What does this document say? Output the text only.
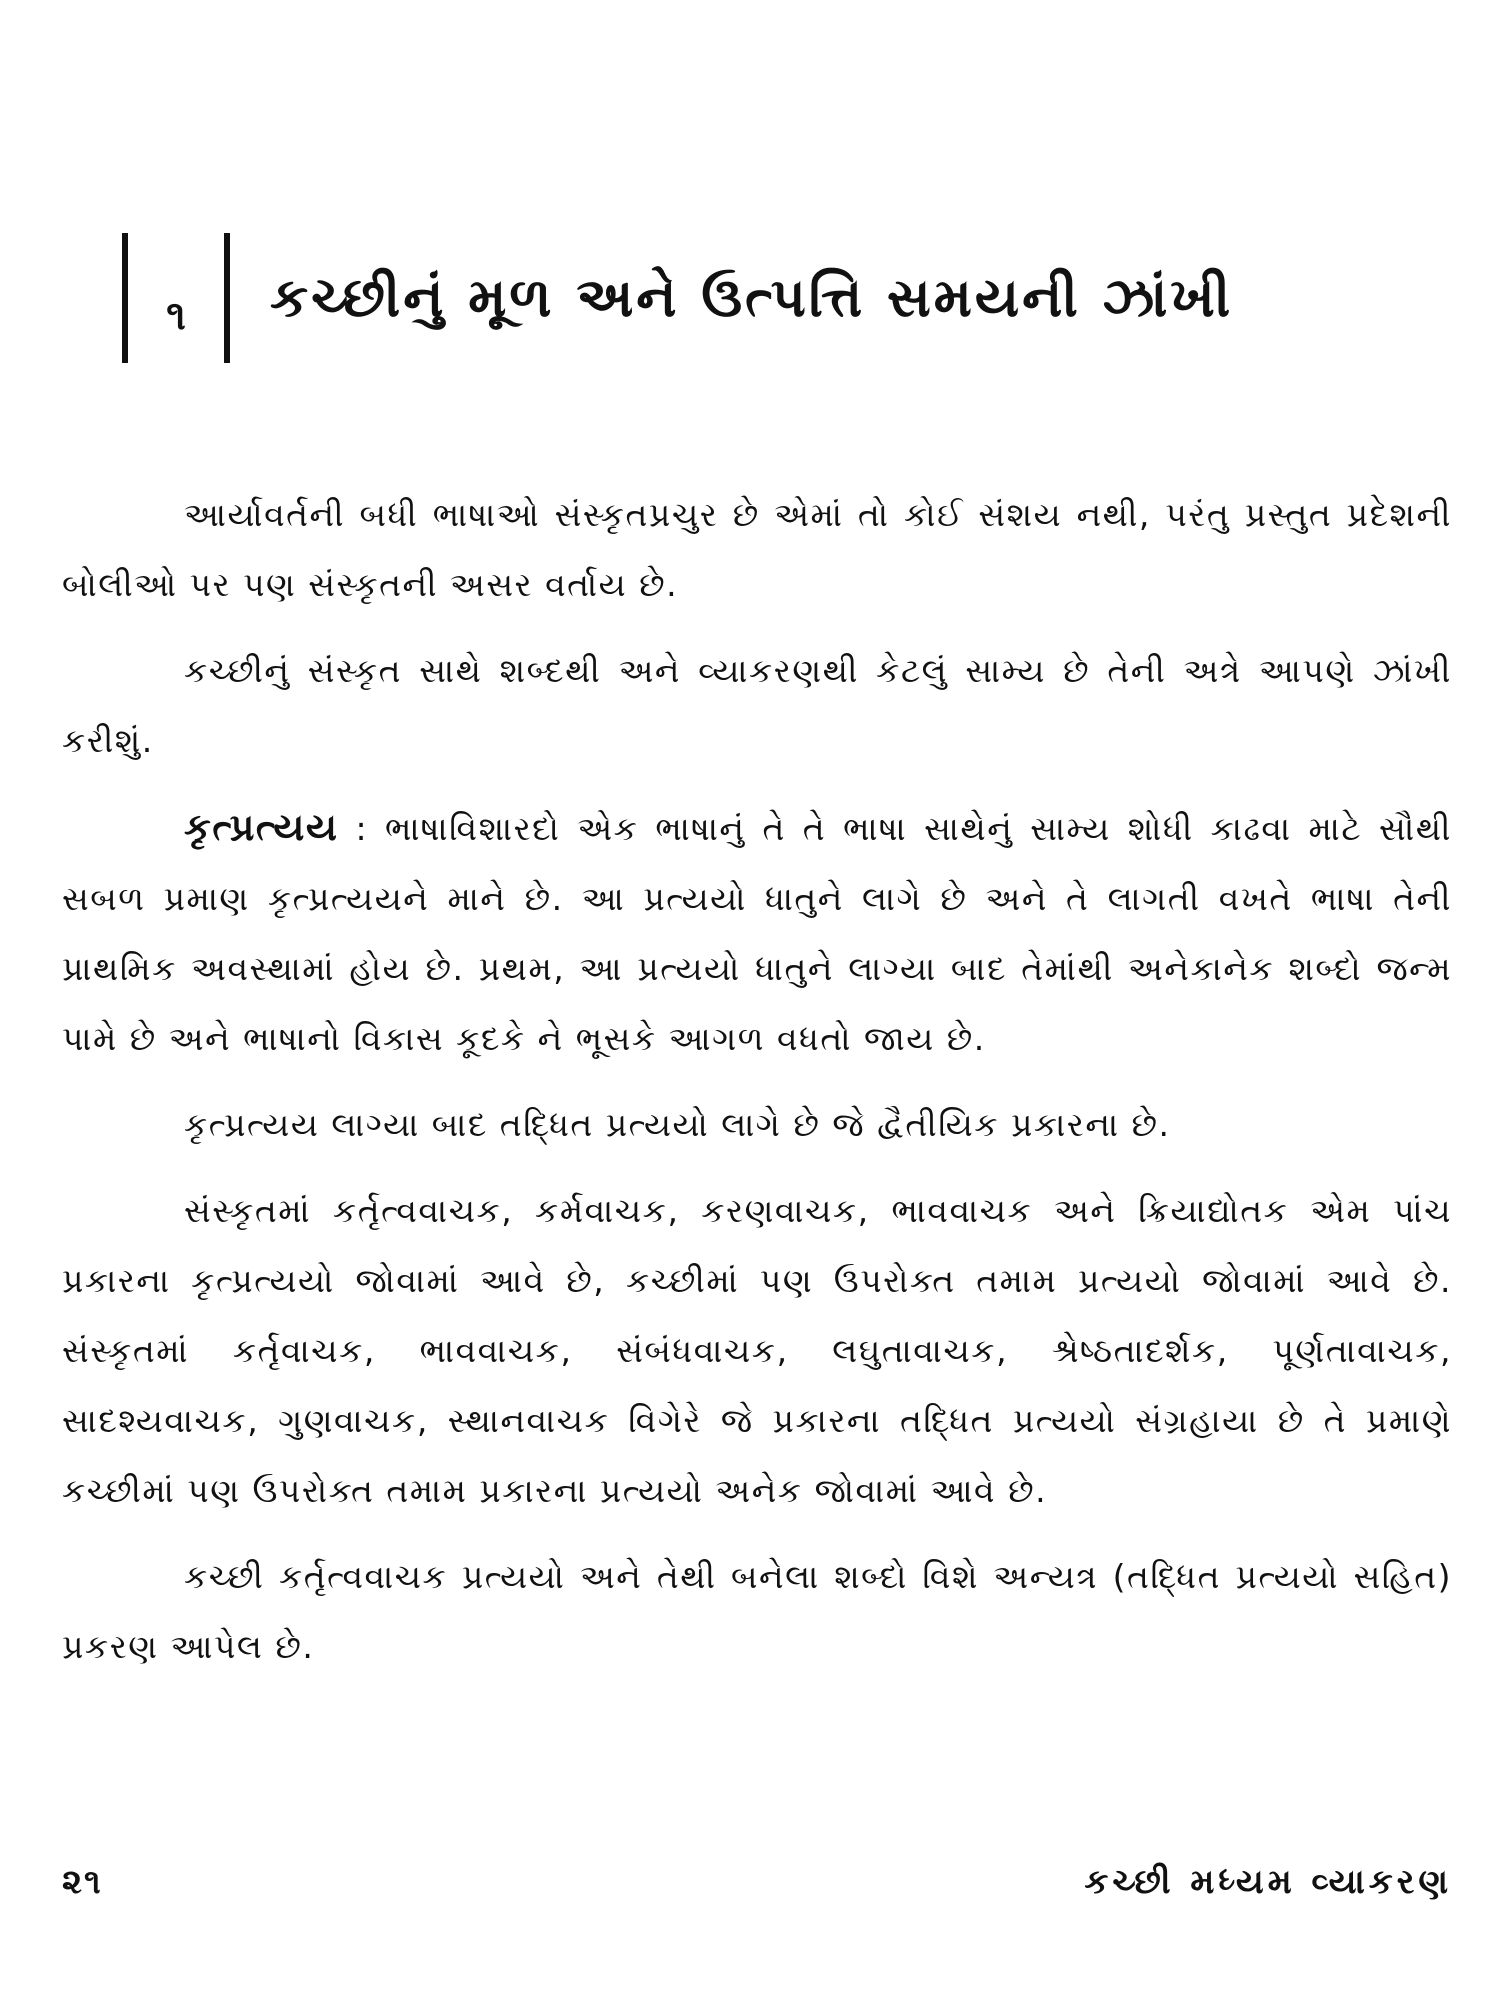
૧	કચ્છીનું મૂળ અને ઉત્પત્તિ સમયની ઝાંખી

આર્યાવર્તની બધી ભાષાઓ સંસ્કૃતપ્રચુર છે એમાં તો કોઈ સંશય નથી, પરંતુ પ્રસ્તુત પ્રદેશની બોલીઓ પર પણ સંસ્કૃતની અસર વર્તાય છે.

કચ્છીનું સંસ્કૃત સાથે શબ્દથી અને વ્યાકરણથી કેટલું સામ્ય છે તેની અત્રે આપણે ઝાંખી કરીશું.

કૃત્પ્રત્યય : ભાષાવિશારદો એક ભાષાનું તે તે ભાષા સાથેનું સામ્ય શોધી કાઢવા માટે સૌથી સબળ પ્રમાણ કૃત્પ્રત્યયને માને છે. આ પ્રત્યયો ધાતુને લાગે છે અને તે લાગતી વખતે ભાષા તેની પ્રાથમિક અવસ્થામાં હોય છે. પ્રથમ, આ પ્રત્યયો ધાતુને લાગ્યા બાદ તેમાંથી અનેકાનેક શબ્દો જન્મ પામે છે અને ભાષાનો વિકાસ કૂદકે ને ભૂસકે આગળ વધતો જાય છે.

કૃત્પ્રત્યય લાગ્યા બાદ તદ્ધિત પ્રત્યયો લાગે છે જે દ્વૈતીયિક પ્રકારના છે.

સંસ્કૃતમાં કર્તૃત્વવાચક, કર્મવાચક, કરણવાચક, ભાવવાચક અને ક્રિયાદ્યોતક એમ પાંચ પ્રકારના કૃત્પ્રત્યયો જોવામાં આવે છે, કચ્છીમાં પણ ઉપરોક્ત તમામ પ્રત્યયો જોવામાં આવે છે. સંસ્કૃતમાં કર્તૃવાચક, ભાવવાચક, સંબંધવાચક, લઘુતાવાચક, શ્રેષ્ઠતાદર્શક, પૂર્ણતાવાચક, સાદશ્યવાચક, ગુણવાચક, સ્થાનવાચક વિગેરે જે પ્રકારના તદ્ધિત પ્રત્યયો સંગ્રહાયા છે તે પ્રમાણે કચ્છીમાં પણ ઉપરોક્ત તમામ પ્રકારના પ્રત્યયો અનેક જોવામાં આવે છે.

કચ્છી કર્તૃત્વવાચક પ્રત્યયો અને તેથી બનેલા શબ્દો વિશે અન્યત્ર (તદ્ધિત પ્રત્યયો સહિત) પ્રકરણ આપેલ છે.

૨૧	કચ્છી મધ્યમ વ્યાકરણ
